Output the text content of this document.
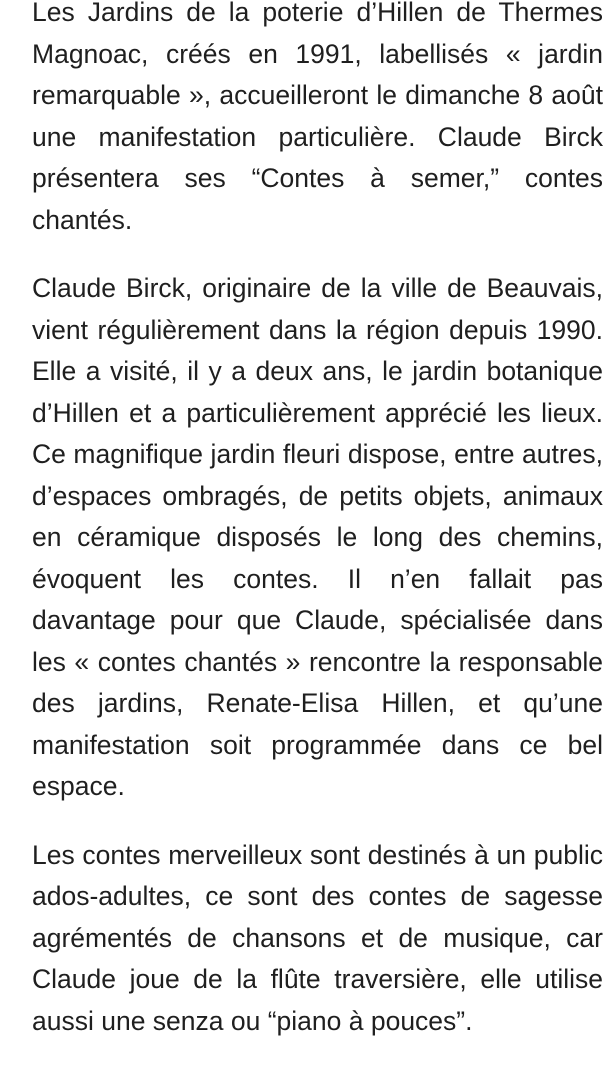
Les Jardins de la poterie d’Hillen de Thermes Magnoac, créés en 1991, labellisés « jardin remarquable », accueilleront le dimanche 8 août une manifestation particulière. Claude Birck présentera ses “Contes à semer,” contes chantés.

Claude Birck, originaire de la ville de Beauvais, vient régulièrement dans la région depuis 1990. Elle a visité, il y a deux ans, le jardin botanique d’Hillen et a particulièrement apprécié les lieux. Ce magnifique jardin fleuri dispose, entre autres, d’espaces ombragés, de petits objets, animaux en céramique disposés le long des chemins, évoquent les contes. Il n’en fallait pas davantage pour que Claude, spécialisée dans les « contes chantés » rencontre la responsable des jardins, Renate-Elisa Hillen, et qu’une manifestation soit programmée dans ce bel espace.

Les contes merveilleux sont destinés à un public ados-adultes, ce sont des contes de sagesse agrémentés de chansons et de musique, car Claude joue de la flûte traversière, elle utilise aussi une senza ou “piano à pouces”.
